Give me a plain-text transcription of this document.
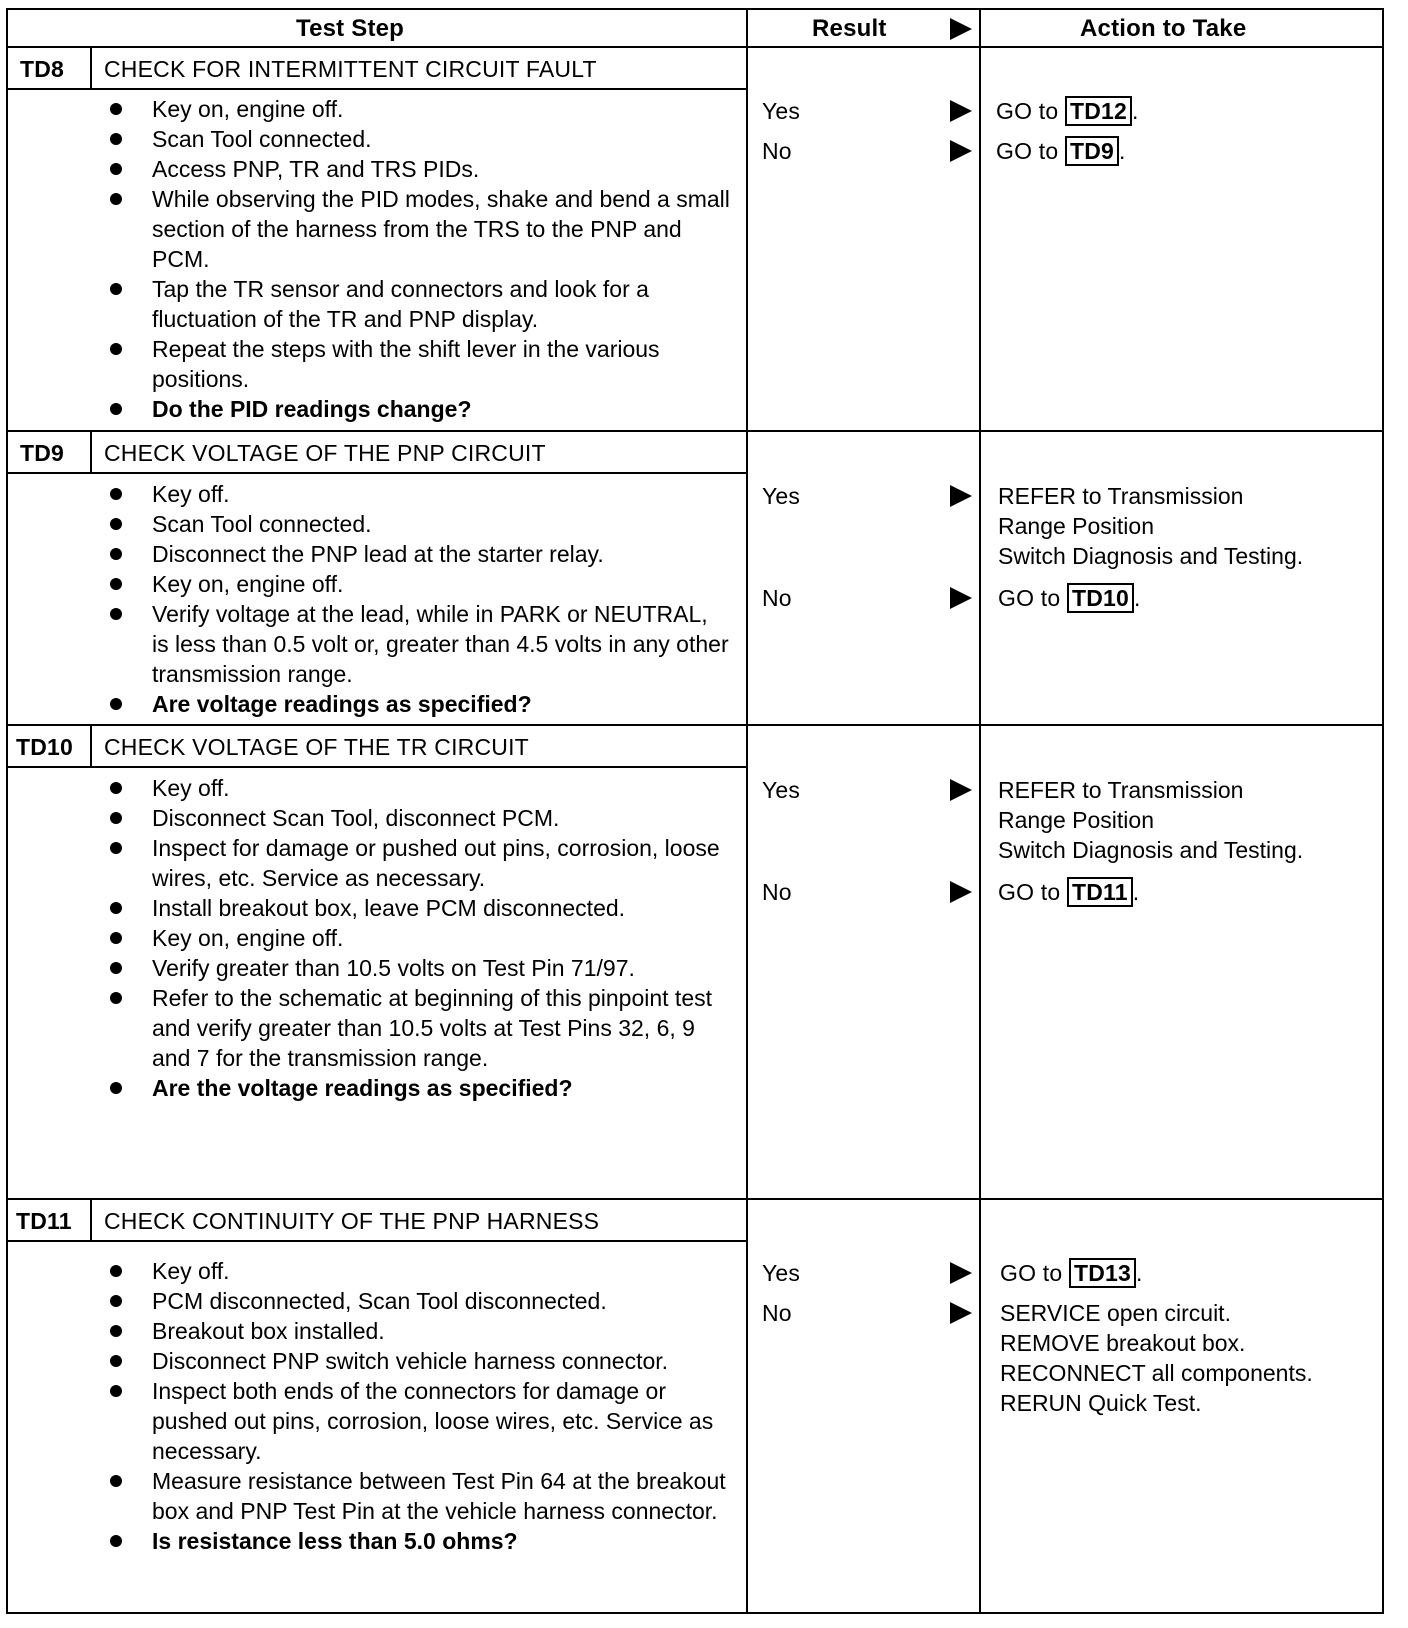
Test Step	Result	Action to Take
TD8 CHECK FOR INTERMITTENT CIRCUIT FAULT
Key on, engine off.
Scan Tool connected.
Access PNP, TR and TRS PIDs.
While observing the PID modes, shake and bend a small section of the harness from the TRS to the PNP and PCM.
Tap the TR sensor and connectors and look for a fluctuation of the TR and PNP display.
Repeat the steps with the shift lever in the various positions.
Do the PID readings change?
Yes	GO to TD12 .
No	GO to TD9 .
TD9 CHECK VOLTAGE OF THE PNP CIRCUIT
Key off.
Scan Tool connected.
Disconnect the PNP lead at the starter relay.
Key on, engine off.
Verify voltage at the lead, while in PARK or NEUTRAL, is less than 0.5 volt or, greater than 4.5 volts in any other transmission range.
Are voltage readings as specified?
Yes	REFER to Transmission
Range Position
Switch Diagnosis and Testing.
No	GO to TD10 .
TD10 CHECK VOLTAGE OF THE TR CIRCUIT
Key off.
Disconnect Scan Tool, disconnect PCM.
Inspect for damage or pushed out pins, corrosion, loose wires, etc. Service as necessary.
Install breakout box, leave PCM disconnected.
Key on, engine off.
Verify greater than 10.5 volts on Test Pin 71/97.
Refer to the schematic at beginning of this pinpoint test and verify greater than 10.5 volts at Test Pins 32, 6, 9 and 7 for the transmission range.
Are the voltage readings as specified?
Yes	REFER to Transmission
Range Position
Switch Diagnosis and Testing.
No	GO to TD11 .
TD11 CHECK CONTINUITY OF THE PNP HARNESS
Key off.
PCM disconnected, Scan Tool disconnected.
Breakout box installed.
Disconnect PNP switch vehicle harness connector.
Inspect both ends of the connectors for damage or pushed out pins, corrosion, loose wires, etc. Service as necessary.
Measure resistance between Test Pin 64 at the breakout box and PNP Test Pin at the vehicle harness connector.
Is resistance less than 5.0 ohms?
Yes	GO to TD13 .
No	SERVICE open circuit.
REMOVE breakout box.
RECONNECT all components.
RERUN Quick Test.
